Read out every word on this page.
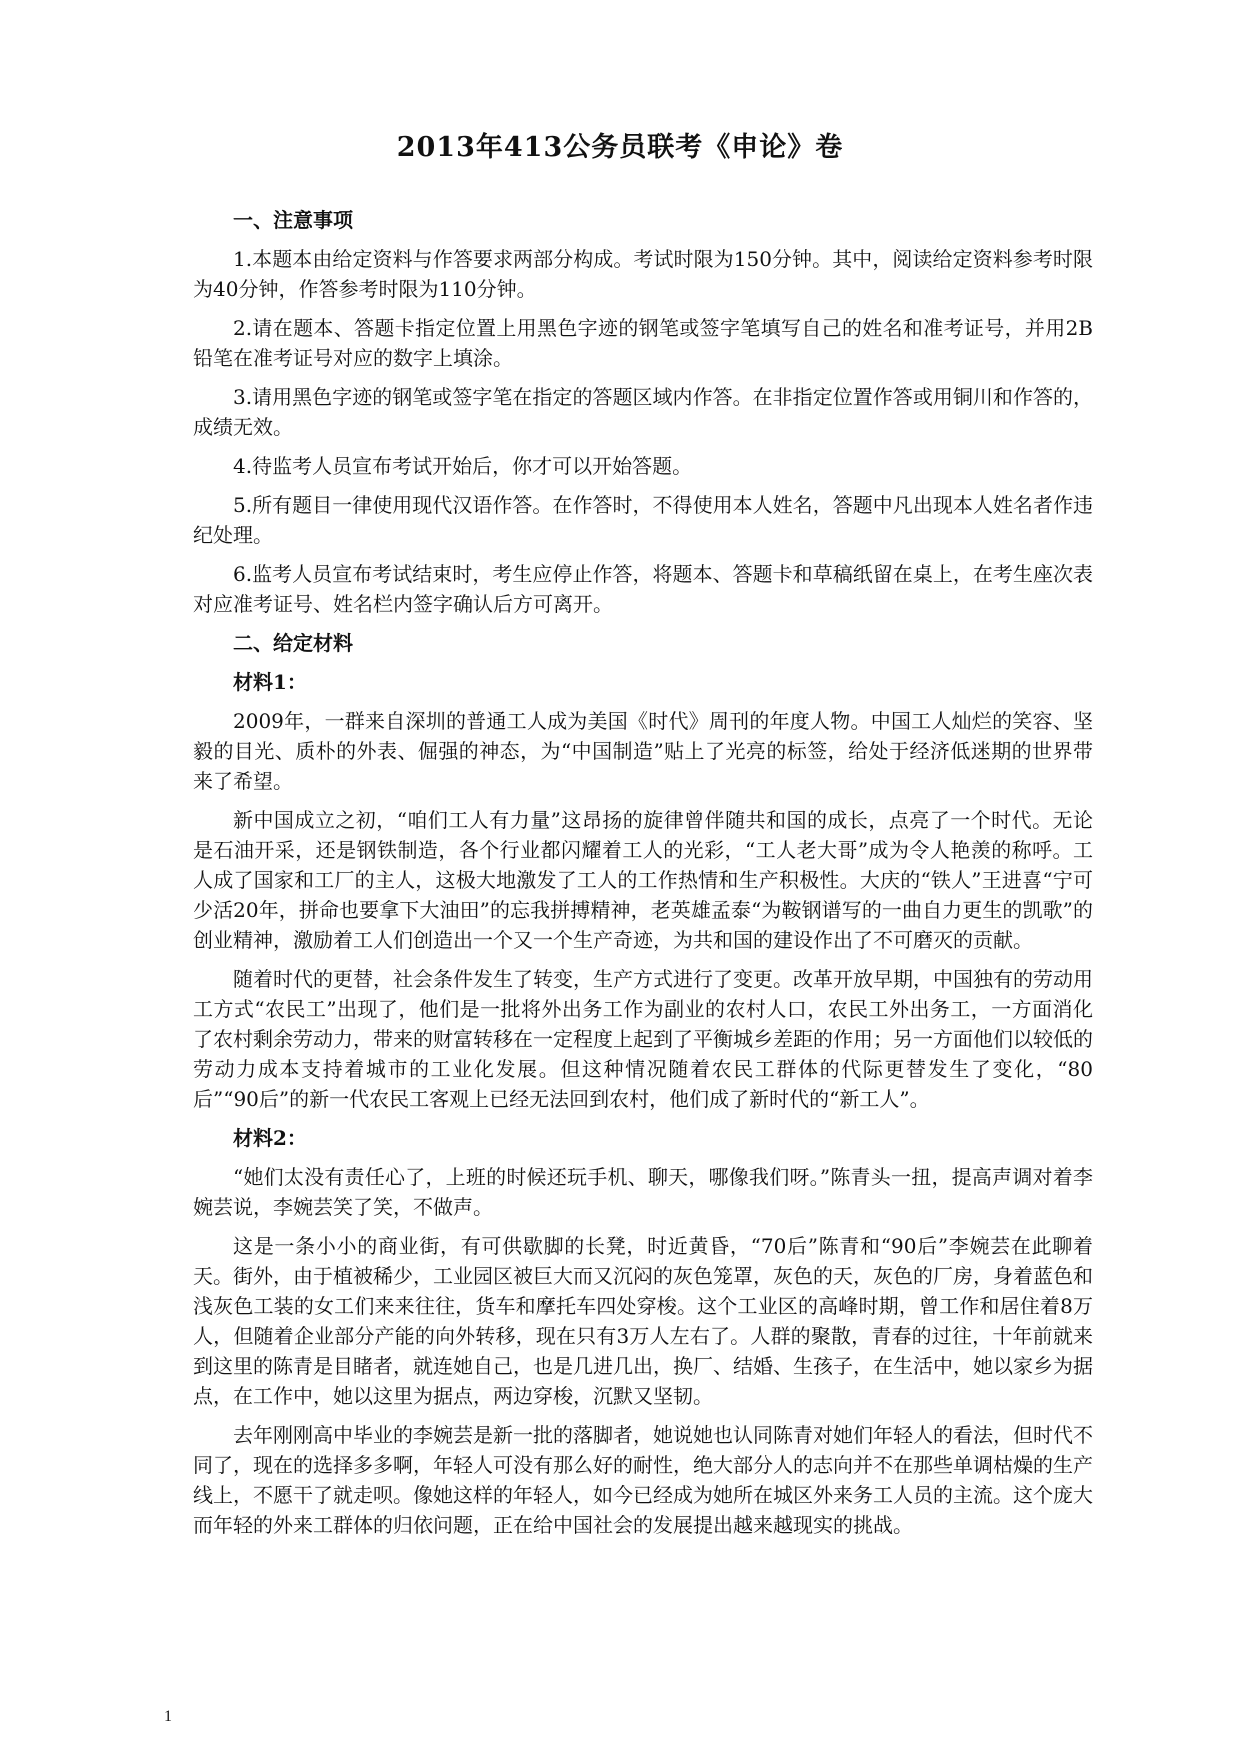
2013年413公务员联考《申论》卷
一、注意事项

1.本题本由给定资料与作答要求两部分构成。考试时限为150分钟。其中，阅读给定资料参考时限为40分钟，作答参考时限为110分钟。

2.请在题本、答题卡指定位置上用黑色字迹的钢笔或签字笔填写自己的姓名和准考证号，并用2B铅笔在准考证号对应的数字上填涂。

3.请用黑色字迹的钢笔或签字笔在指定的答题区域内作答。在非指定位置作答或用铜川和作答的，成绩无效。

4.待监考人员宣布考试开始后，你才可以开始答题。

5.所有题目一律使用现代汉语作答。在作答时，不得使用本人姓名，答题中凡出现本人姓名者作违纪处理。

6.监考人员宣布考试结束时，考生应停止作答，将题本、答题卡和草稿纸留在桌上，在考生座次表对应准考证号、姓名栏内签字确认后方可离开。

二、给定材料

材料1：

2009年，一群来自深圳的普通工人成为美国《时代》周刊的年度人物。中国工人灿烂的笑容、坚毅的目光、质朴的外表、倔强的神态，为“中国制造”贴上了光亮的标签，给处于经济低迷期的世界带来了希望。

新中国成立之初，“咱们工人有力量”这昂扬的旋律曾伴随共和国的成长，点亮了一个时代。无论是石油开采，还是钢铁制造，各个行业都闪耀着工人的光彩，“工人老大哥”成为令人艳羡的称呼。工人成了国家和工厂的主人，这极大地激发了工人的工作热情和生产积极性。大庆的“铁人”王进喜“宁可少活20年，拼命也要拿下大油田”的忘我拼搏精神，老英雄孟泰“为鞍钢谱写的一曲自力更生的凯歌”的创业精神，激励着工人们创造出一个又一个生产奇迹，为共和国的建设作出了不可磨灭的贡献。

随着时代的更替，社会条件发生了转变，生产方式进行了变更。改革开放早期，中国独有的劳动用工方式“农民工”出现了，他们是一批将外出务工作为副业的农村人口，农民工外出务工，一方面消化了农村剩余劳动力，带来的财富转移在一定程度上起到了平衡城乡差距的作用；另一方面他们以较低的劳动力成本支持着城市的工业化发展。但这种情况随着农民工群体的代际更替发生了变化，“80后”“90后”的新一代农民工客观上已经无法回到农村，他们成了新时代的“新工人”。

材料2：

“她们太没有责任心了，上班的时候还玩手机、聊天，哪像我们呀。”陈青头一扭，提高声调对着李婉芸说，李婉芸笑了笑，不做声。

这是一条小小的商业街，有可供歇脚的长凳，时近黄昏，“70后”陈青和“90后”李婉芸在此聊着天。街外，由于植被稀少，工业园区被巨大而又沉闷的灰色笼罩，灰色的天，灰色的厂房，身着蓝色和浅灰色工装的女工们来来往往，货车和摩托车四处穿梭。这个工业区的高峰时期，曾工作和居住着8万人，但随着企业部分产能的向外转移，现在只有3万人左右了。人群的聚散，青春的过往，十年前就来到这里的陈青是目睹者，就连她自己，也是几进几出，换厂、结婚、生孩子，在生活中，她以家乡为据点，在工作中，她以这里为据点，两边穿梭，沉默又坚韧。

去年刚刚高中毕业的李婉芸是新一批的落脚者，她说她也认同陈青对她们年轻人的看法，但时代不同了，现在的选择多多啊，年轻人可没有那么好的耐性，绝大部分人的志向并不在那些单调枯燥的生产线上，不愿干了就走呗。像她这样的年轻人，如今已经成为她所在城区外来务工人员的主流。这个庞大而年轻的外来工群体的归依问题，正在给中国社会的发展提出越来越现实的挑战。

1
